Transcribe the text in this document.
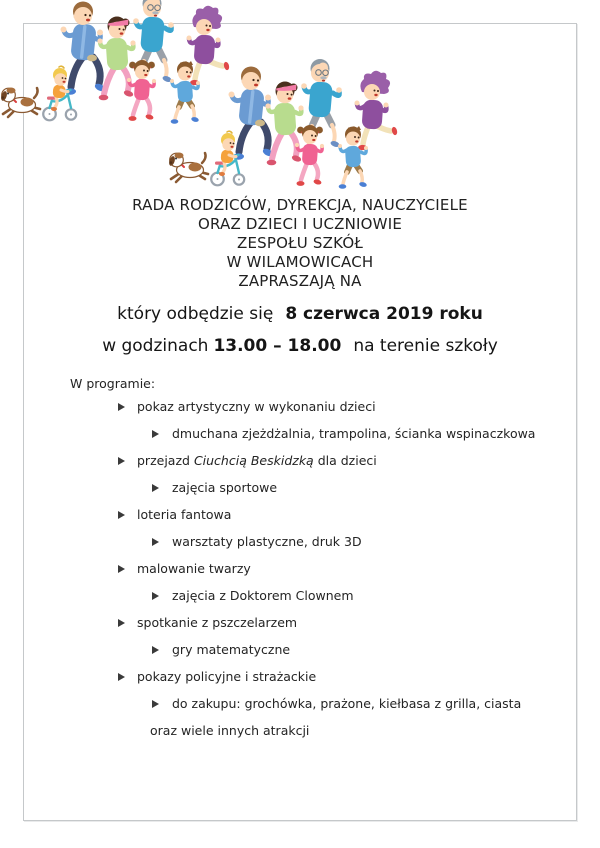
RADA RODZICÓW, DYREKCJA, NAUCZYCIELE
ORAZ DZIECI I UCZNIOWIE
ZESPOŁU SZKÓŁ
W WILAMOWICACH
ZAPRASZAJĄ NA
który odbędzie się 8 czerwca 2019 roku
w godzinach 13.00 – 18.00 na terenie szkoły
W programie:
pokaz artystyczny w wykonaniu dzieci
dmuchana zjeżdżalnia, trampolina, ścianka wspinaczkowa
przejazd Ciuchcią Beskidzką dla dzieci
zajęcia sportowe
loteria fantowa
warsztaty plastyczne, druk 3D
malowanie twarzy
zajęcia z Doktorem Clownem
spotkanie z pszczelarzem
gry matematyczne
pokazy policyjne i strażackie
do zakupu: grochówka, prażone, kiełbasa z grilla, ciasta
oraz wiele innych atrakcji
